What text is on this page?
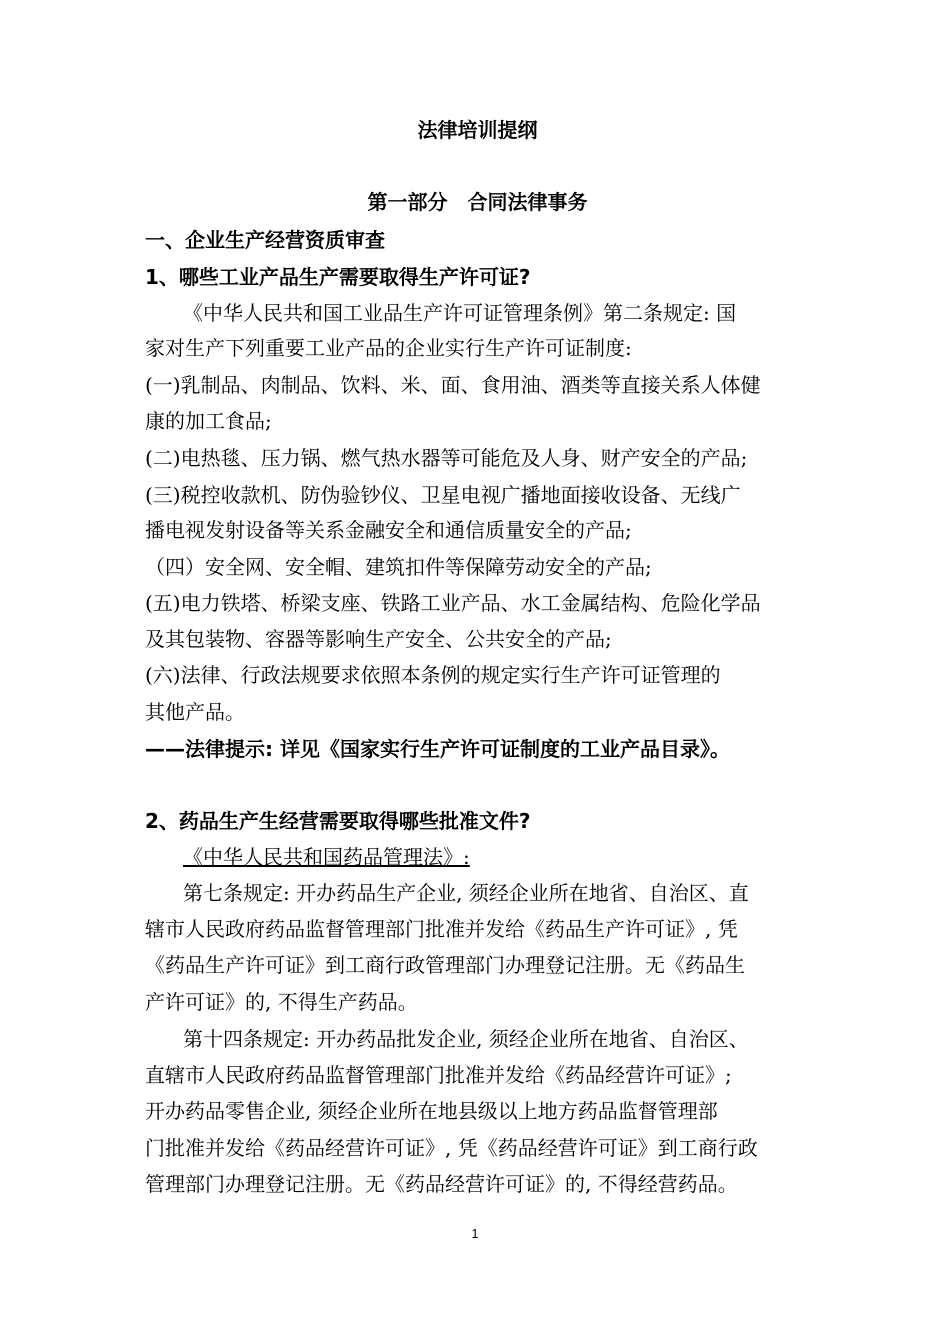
法律培训提纲
第一部分　合同法律事务
一、企业生产经营资质审查
1、哪些工业产品生产需要取得生产许可证?
《中华人民共和国工业品生产许可证管理条例》第二条规定: 国
家对生产下列重要工业产品的企业实行生产许可证制度:
(一)乳制品、肉制品、饮料、米、面、食用油、酒类等直接关系人体健
康的加工食品;
(二)电热毯、压力锅、燃气热水器等可能危及人身、财产安全的产品;
(三)税控收款机、防伪验钞仪、卫星电视广播地面接收设备、无线广
播电视发射设备等关系金融安全和通信质量安全的产品;
（四）安全网、安全帽、建筑扣件等保障劳动安全的产品;
(五)电力铁塔、桥梁支座、铁路工业产品、水工金属结构、危险化学品
及其包装物、容器等影响生产安全、公共安全的产品;
(六)法律、行政法规要求依照本条例的规定实行生产许可证管理的
其他产品。
——法律提示: 详见《国家实行生产许可证制度的工业产品目录》。
2、药品生产生经营需要取得哪些批准文件?
《中华人民共和国药品管理法》:
第七条规定: 开办药品生产企业, 须经企业所在地省、自治区、直
辖市人民政府药品监督管理部门批准并发给《药品生产许可证》, 凭
《药品生产许可证》到工商行政管理部门办理登记注册。无《药品生
产许可证》的, 不得生产药品。
第十四条规定: 开办药品批发企业, 须经企业所在地省、自治区、
直辖市人民政府药品监督管理部门批准并发给《药品经营许可证》;
开办药品零售企业, 须经企业所在地县级以上地方药品监督管理部
门批准并发给《药品经营许可证》, 凭《药品经营许可证》到工商行政
管理部门办理登记注册。无《药品经营许可证》的, 不得经营药品。
1
